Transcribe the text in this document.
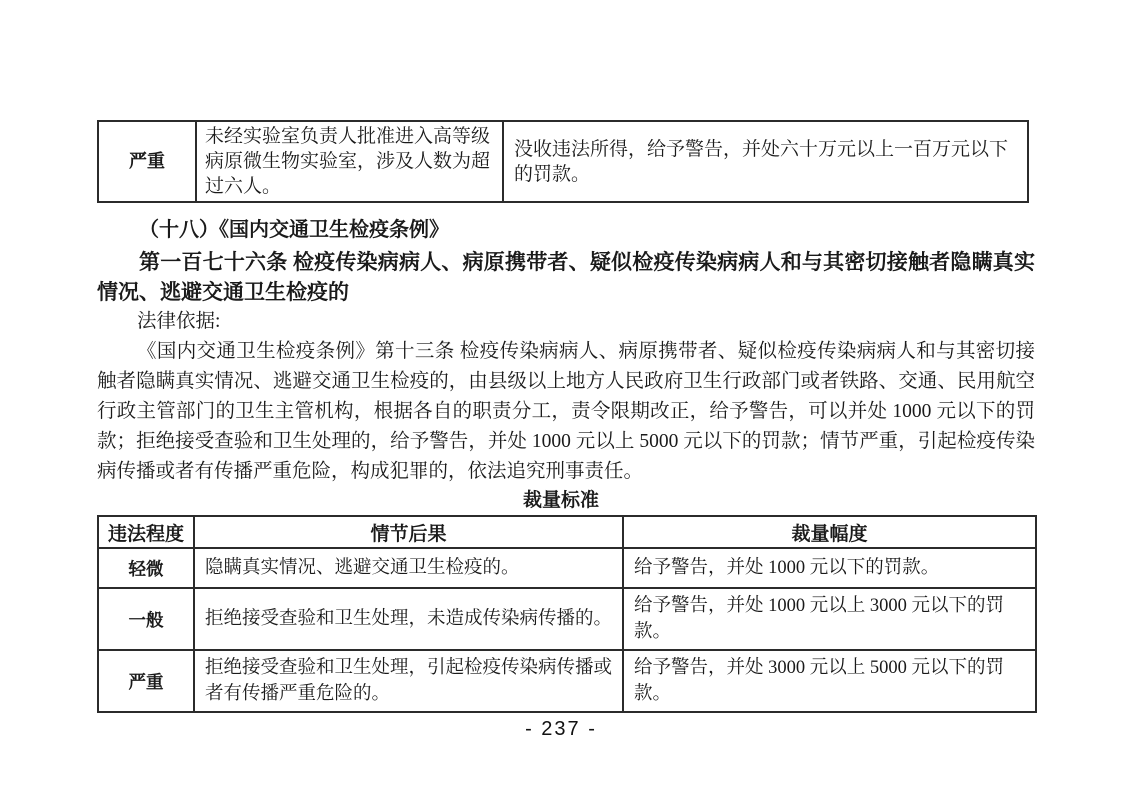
严重	未经实验室负责人批准进入高等级病原微生物实验室，涉及人数为超过六人。	没收违法所得，给予警告，并处六十万元以上一百万元以下的罚款。
（十八）《国内交通卫生检疫条例》
第一百七十六条 检疫传染病病人、病原携带者、疑似检疫传染病病人和与其密切接触者隐瞒真实情况、逃避交通卫生检疫的
法律依据:
《国内交通卫生检疫条例》第十三条 检疫传染病病人、病原携带者、疑似检疫传染病病人和与其密切接触者隐瞒真实情况、逃避交通卫生检疫的，由县级以上地方人民政府卫生行政部门或者铁路、交通、民用航空行政主管部门的卫生主管机构，根据各自的职责分工，责令限期改正，给予警告，可以并处 1000 元以下的罚款；拒绝接受查验和卫生处理的，给予警告，并处 1000 元以上 5000 元以下的罚款；情节严重，引起检疫传染病传播或者有传播严重危险，构成犯罪的，依法追究刑事责任。
裁量标准
违法程度	情节后果	裁量幅度
轻微	隐瞒真实情况、逃避交通卫生检疫的。	给予警告，并处 1000 元以下的罚款。
一般	拒绝接受查验和卫生处理，未造成传染病传播的。	给予警告，并处 1000 元以上 3000 元以下的罚款。
严重	拒绝接受查验和卫生处理，引起检疫传染病传播或者有传播严重危险的。	给予警告，并处 3000 元以上 5000 元以下的罚款。
- 237 -
